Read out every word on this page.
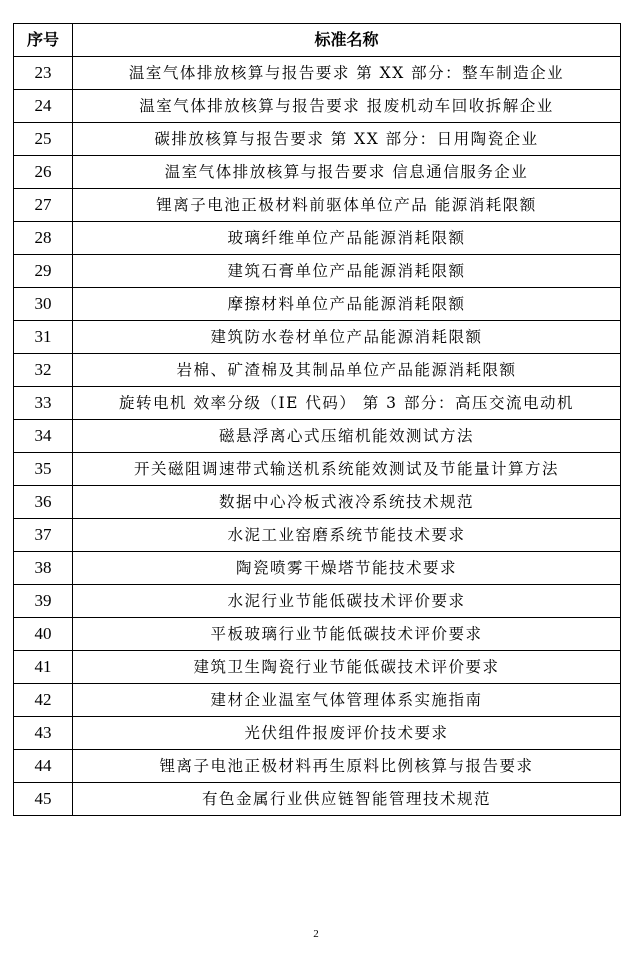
序号	标准名称
23	温室气体排放核算与报告要求 第 XX 部分：整车制造企业
24	温室气体排放核算与报告要求 报废机动车回收拆解企业
25	碳排放核算与报告要求 第 XX 部分：日用陶瓷企业
26	温室气体排放核算与报告要求 信息通信服务企业
27	锂离子电池正极材料前驱体单位产品 能源消耗限额
28	玻璃纤维单位产品能源消耗限额
29	建筑石膏单位产品能源消耗限额
30	摩擦材料单位产品能源消耗限额
31	建筑防水卷材单位产品能源消耗限额
32	岩棉、矿渣棉及其制品单位产品能源消耗限额
33	旋转电机 效率分级（IE 代码） 第 3 部分：高压交流电动机
34	磁悬浮离心式压缩机能效测试方法
35	开关磁阻调速带式输送机系统能效测试及节能量计算方法
36	数据中心冷板式液冷系统技术规范
37	水泥工业窑磨系统节能技术要求
38	陶瓷喷雾干燥塔节能技术要求
39	水泥行业节能低碳技术评价要求
40	平板玻璃行业节能低碳技术评价要求
41	建筑卫生陶瓷行业节能低碳技术评价要求
42	建材企业温室气体管理体系实施指南
43	光伏组件报废评价技术要求
44	锂离子电池正极材料再生原料比例核算与报告要求
45	有色金属行业供应链智能管理技术规范
2
